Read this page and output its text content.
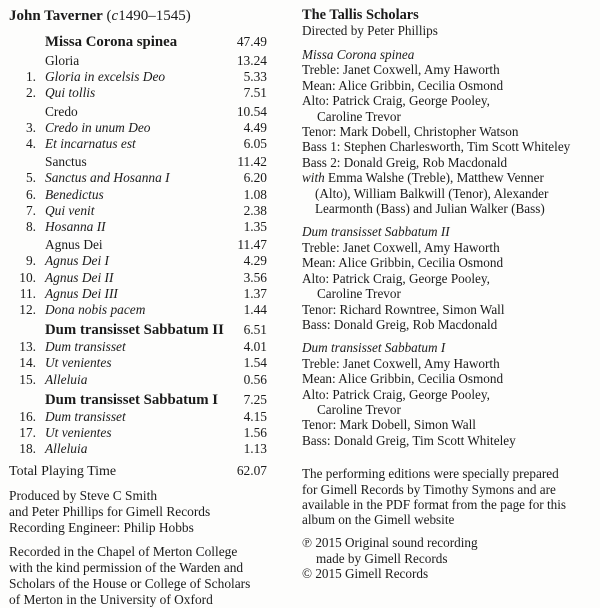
John Taverner (c1490–1545)
Missa Corona spinea	47.49
Gloria	13.24
1. Gloria in excelsis Deo	5.33
2. Qui tollis	7.51
Credo	10.54
3. Credo in unum Deo	4.49
4. Et incarnatus est	6.05
Sanctus	11.42
5. Sanctus and Hosanna I	6.20
6. Benedictus	1.08
7. Qui venit	2.38
8. Hosanna II	1.35
Agnus Dei	11.47
9. Agnus Dei I	4.29
10. Agnus Dei II	3.56
11. Agnus Dei III	1.37
12. Dona nobis pacem	1.44
Dum transisset Sabbatum II	6.51
13. Dum transisset	4.01
14. Ut venientes	1.54
15. Alleluia	0.56
Dum transisset Sabbatum I	7.25
16. Dum transisset	4.15
17. Ut venientes	1.56
18. Alleluia	1.13
Total Playing Time	62.07
Produced by Steve C Smith
and Peter Phillips for Gimell Records
Recording Engineer: Philip Hobbs
Recorded in the Chapel of Merton College
with the kind permission of the Warden and
Scholars of the House or College of Scholars
of Merton in the University of Oxford
The Tallis Scholars
Directed by Peter Phillips
Missa Corona spinea
Treble: Janet Coxwell, Amy Haworth
Mean: Alice Gribbin, Cecilia Osmond
Alto: Patrick Craig, George Pooley,
Caroline Trevor
Tenor: Mark Dobell, Christopher Watson
Bass 1: Stephen Charlesworth, Tim Scott Whiteley
Bass 2: Donald Greig, Rob Macdonald
with Emma Walshe (Treble), Matthew Venner
(Alto), William Balkwill (Tenor), Alexander
Learmonth (Bass) and Julian Walker (Bass)
Dum transisset Sabbatum II
Treble: Janet Coxwell, Amy Haworth
Mean: Alice Gribbin, Cecilia Osmond
Alto: Patrick Craig, George Pooley,
Caroline Trevor
Tenor: Richard Rowntree, Simon Wall
Bass: Donald Greig, Rob Macdonald
Dum transisset Sabbatum I
Treble: Janet Coxwell, Amy Haworth
Mean: Alice Gribbin, Cecilia Osmond
Alto: Patrick Craig, George Pooley,
Caroline Trevor
Tenor: Mark Dobell, Simon Wall
Bass: Donald Greig, Tim Scott Whiteley
The performing editions were specially prepared
for Gimell Records by Timothy Symons and are
available in the PDF format from the page for this
album on the Gimell website
℗ 2015 Original sound recording
made by Gimell Records
© 2015 Gimell Records
